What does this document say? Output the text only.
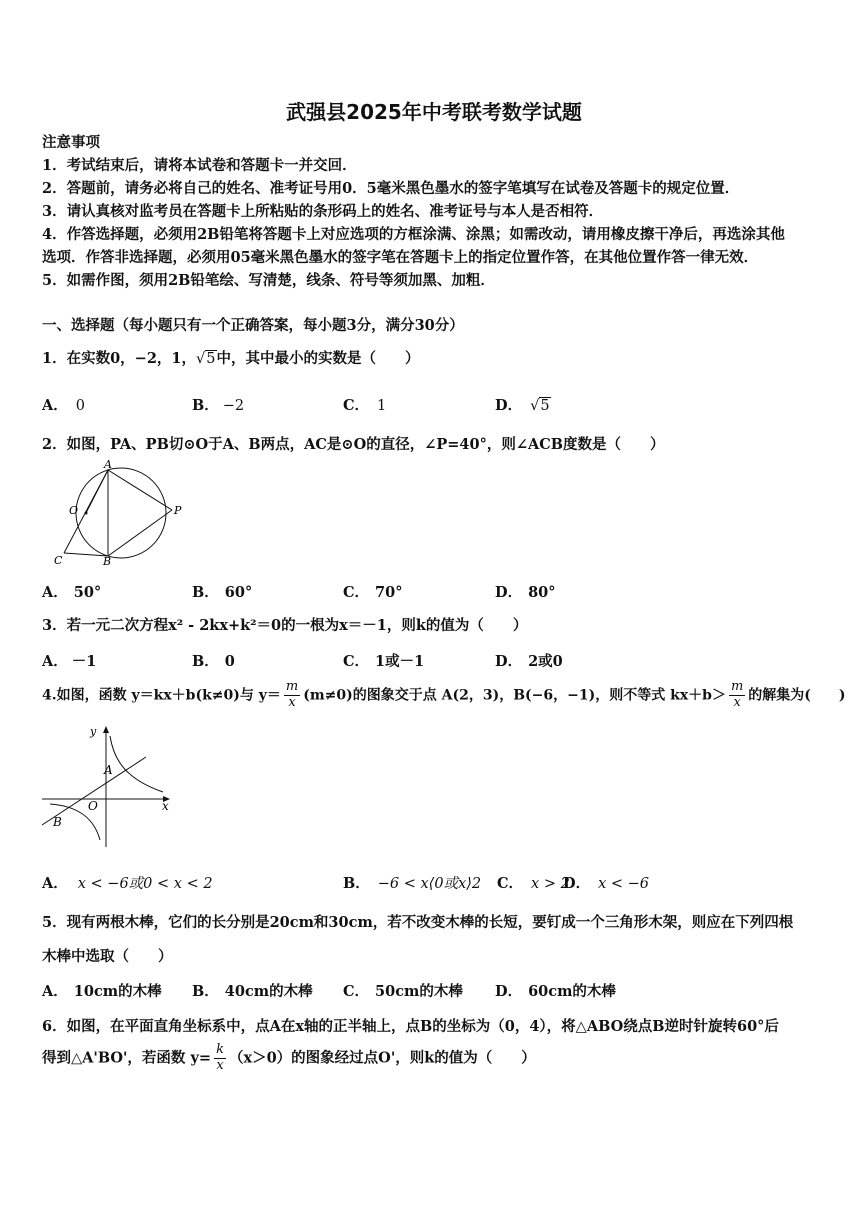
武强县2025年中考联考数学试题
注意事项
1．考试结束后，请将本试卷和答题卡一并交回．
2．答题前，请务必将自己的姓名、准考证号用0．5毫米黑色墨水的签字笔填写在试卷及答题卡的规定位置．
3．请认真核对监考员在答题卡上所粘贴的条形码上的姓名、准考证号与本人是否相符．
4．作答选择题，必须用2B铅笔将答题卡上对应选项的方框涂满、涂黑；如需改动，请用橡皮擦干净后，再选涂其他
选项．作答非选择题，必须用05毫米黑色墨水的签字笔在答题卡上的指定位置作答，在其他位置作答一律无效．
5．如需作图，须用2B铅笔绘、写清楚，线条、符号等须加黑、加粗．
一、选择题（每小题只有一个正确答案，每小题3分，满分30分）
1．在实数0，−2，1，√5中，其中最小的实数是（　　）
A． 0	B． −2	C． 1	D． √5
2．如图，PA、PB切⊙O于A、B两点，AC是⊙O的直径，∠P=40°，则∠ACB度数是（　　）
A
O	P
C	B
A． 50°	B． 60°	C． 70°	D． 80°
3．若一元二次方程x² - 2kx+k²＝0的一根为x＝－1，则k的值为（　　）
A． －1	B． 0	C． 1或－1	D． 2或0
4.如图，函数 y＝kx＋b(k≠0)与 $y= \frac{m}{x} (m\ne 0)$的图象交于点 A(2，3)，B(−6，−1)，则不等式 $kx+b> \frac{m}{x}$ 的解集为(　　)
y
A
O	x
B
A． x < −6或0 < x < 2	B． −6 < x⟨0或x⟩2 C． x > 2
D． x < −6
5．现有两根木棒，它们的长分别是20cm和30cm，若不改变木棒的长短，要钉成一个三角形木架，则应在下列四根
木棒中选取（　　）
A． 10cm的木棒 B． 40cm的木棒 C． 50cm的木棒 D． 60cm的木棒
6．如图，在平面直角坐标系中，点A在x轴的正半轴上，点B的坐标为（0，4），将△ABO绕点B逆时针旋转60°后
得到△A'BO'，若函数 $y= \frac{k}{x} (x>0)$的图象经过点O'，则k的值为（　　）
